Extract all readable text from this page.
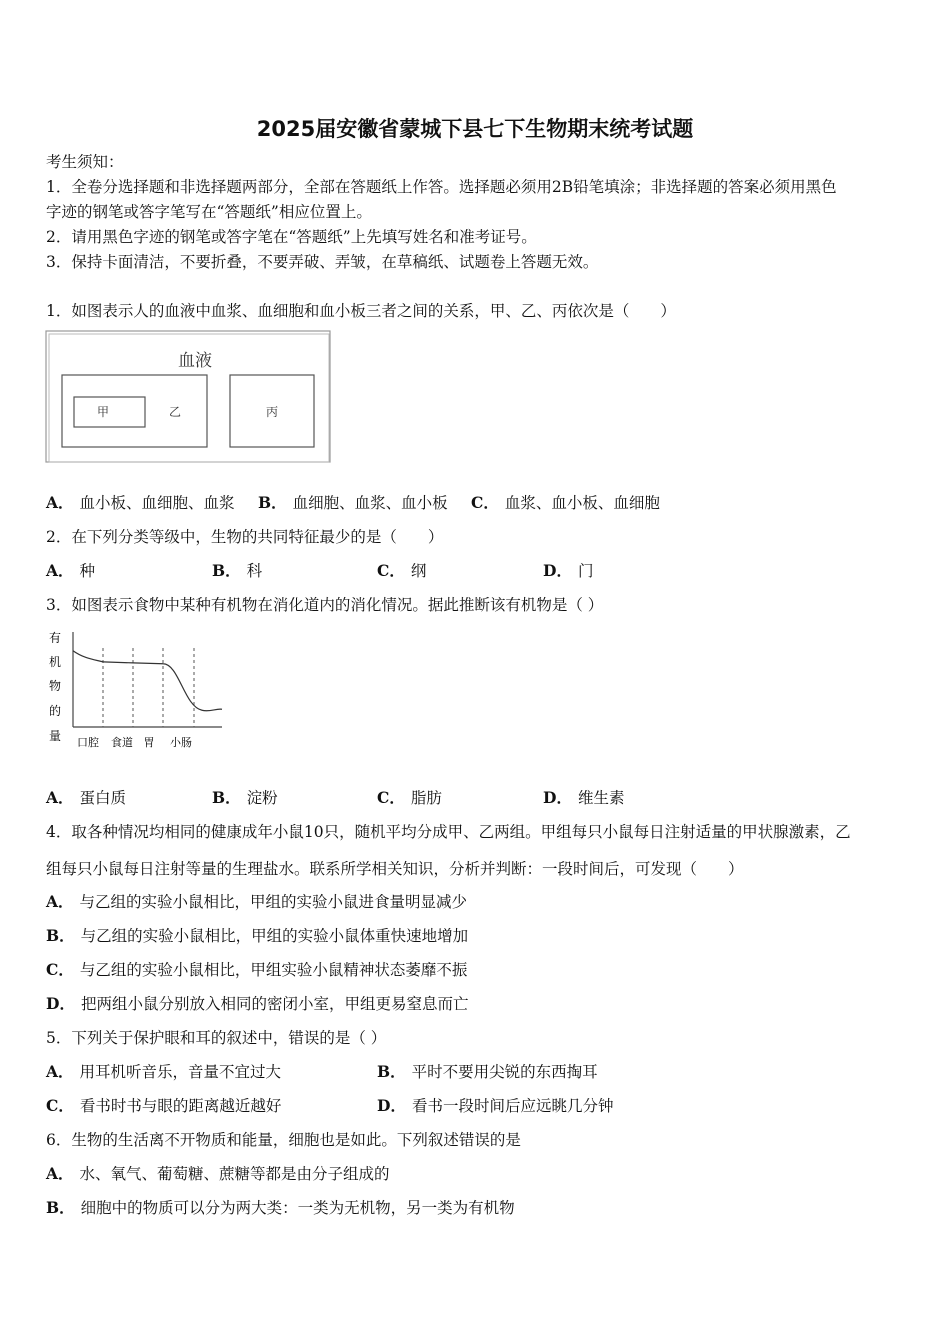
2025届安徽省蒙城下县七下生物期末统考试题
考生须知：
1．全卷分选择题和非选择题两部分，全部在答题纸上作答。选择题必须用2B铅笔填涂；非选择题的答案必须用黑色
字迹的钢笔或答字笔写在“答题纸”相应位置上。
2．请用黑色字迹的钢笔或答字笔在“答题纸”上先填写姓名和准考证号。
3．保持卡面清洁，不要折叠，不要弄破、弄皱，在草稿纸、试题卷上答题无效。
1．如图表示人的血液中血浆、血细胞和血小板三者之间的关系，甲、乙、丙依次是（　　）
血液
甲	乙	丙
A． 血小板、血细胞、血浆 B． 血细胞、血浆、血小板 C． 血浆、血小板、血细胞
2．在下列分类等级中，生物的共同特征最少的是（　　）
A． 种	B． 科	C． 纲	D． 门
3．如图表示食物中某种有机物在消化道内的消化情况。据此推断该有机物是（ ）
有
机
物
的
量 口腔 食道 胃 小肠
A． 蛋白质	B． 淀粉	C． 脂肪	D． 维生素
4．取各种情况均相同的健康成年小鼠10只，随机平均分成甲、乙两组。甲组每只小鼠每日注射适量的甲状腺激素，乙
组每只小鼠每日注射等量的生理盐水。联系所学相关知识，分析并判断：一段时间后，可发现（　　）
A． 与乙组的实验小鼠相比，甲组的实验小鼠进食量明显减少
B． 与乙组的实验小鼠相比，甲组的实验小鼠体重快速地增加
C． 与乙组的实验小鼠相比，甲组实验小鼠精神状态萎靡不振
D． 把两组小鼠分别放入相同的密闭小室，甲组更易窒息而亡
5．下列关于保护眼和耳的叙述中，错误的是（ ）
A． 用耳机听音乐，音量不宜过大	B． 平时不要用尖锐的东西掏耳
C． 看书时书与眼的距离越近越好	D． 看书一段时间后应远眺几分钟
6．生物的生活离不开物质和能量，细胞也是如此。下列叙述错误的是
A． 水、氧气、葡萄糖、蔗糖等都是由分子组成的
B． 细胞中的物质可以分为两大类：一类为无机物，另一类为有机物
